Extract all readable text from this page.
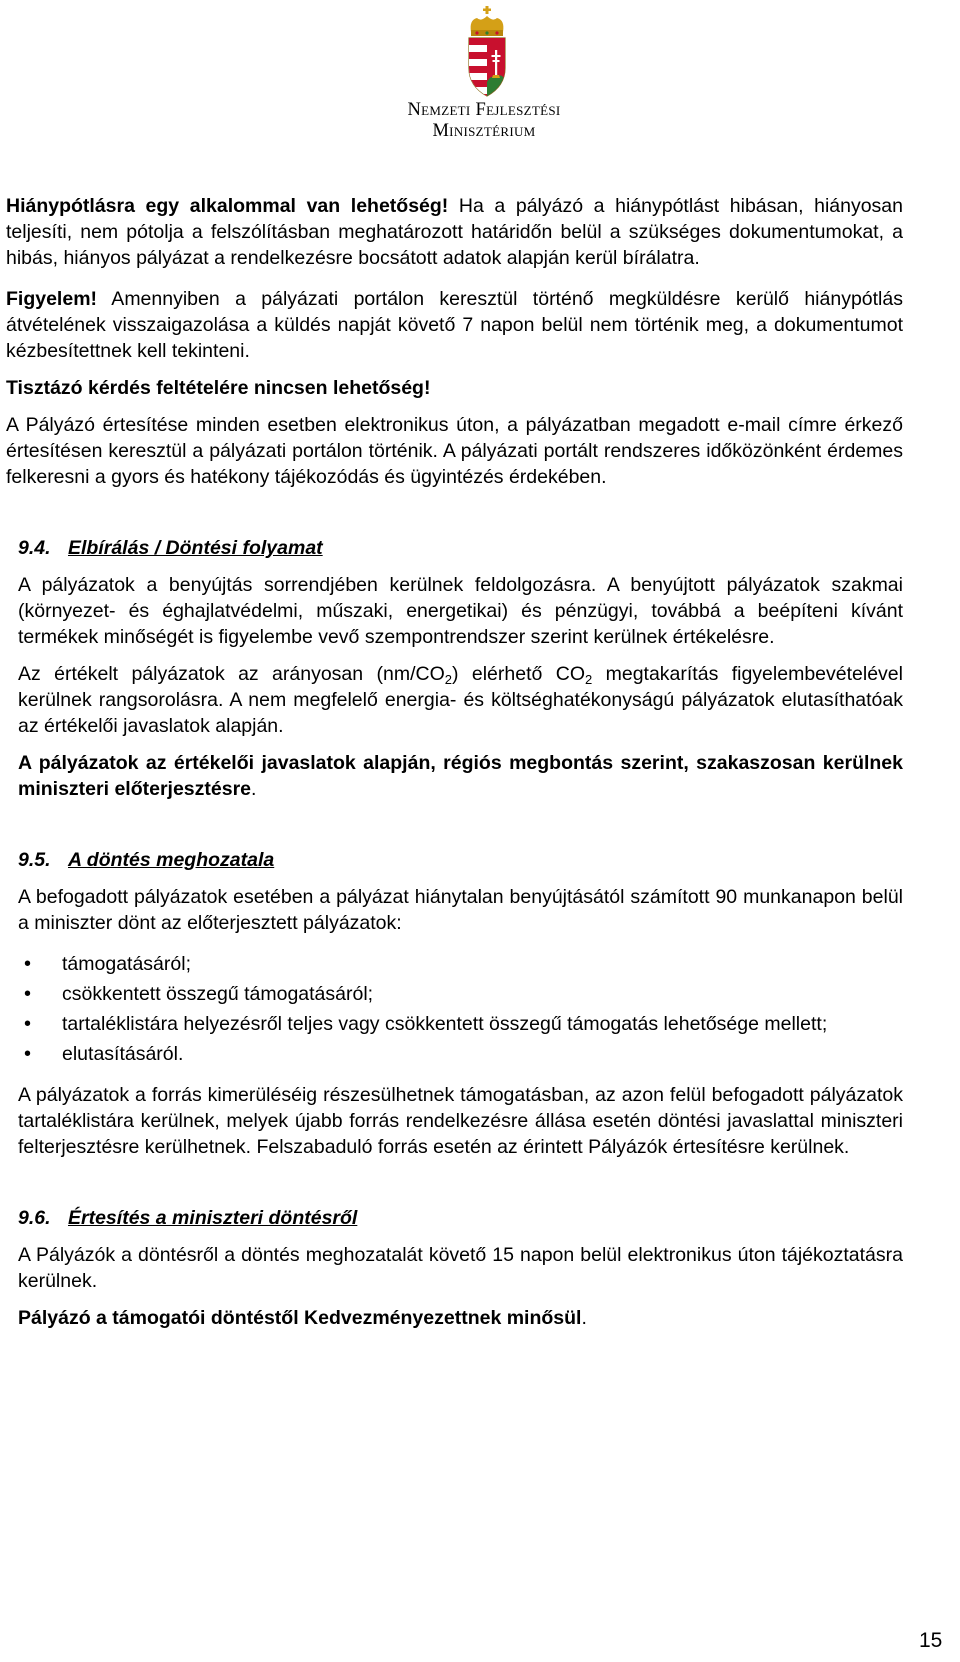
Nemzeti Fejlesztési
Minisztérium

Hiánypótlásra egy alkalommal van lehetőség! Ha a pályázó a hiánypótlást hibásan, hiányosan teljesíti, nem pótolja a felszólításban meghatározott határidőn belül a szükséges dokumentumokat, a hibás, hiányos pályázat a rendelkezésre bocsátott adatok alapján kerül bírálatra.

Figyelem! Amennyiben a pályázati portálon keresztül történő megküldésre kerülő hiánypótlás átvételének visszaigazolása a küldés napját követő 7 napon belül nem történik meg, a dokumentumot kézbesítettnek kell tekinteni.

Tisztázó kérdés feltételére nincsen lehetőség!

A Pályázó értesítése minden esetben elektronikus úton, a pályázatban megadott e-mail címre érkező értesítésen keresztül a pályázati portálon történik. A pályázati portált rendszeres időközönként érdemes felkeresni a gyors és hatékony tájékozódás és ügyintézés érdekében.

9.4. Elbírálás / Döntési folyamat

A pályázatok a benyújtás sorrendjében kerülnek feldolgozásra. A benyújtott pályázatok szakmai (környezet- és éghajlatvédelmi, műszaki, energetikai) és pénzügyi, továbbá a beépíteni kívánt termékek minőségét is figyelembe vevő szempontrendszer szerint kerülnek értékelésre.

Az értékelt pályázatok az arányosan $(nm/CO_2)$ elérhető $CO_2$ megtakarítás figyelembevételével kerülnek rangsorolásra. A nem megfelelő energia- és költséghatékonyságú pályázatok elutasíthatóak az értékelői javaslatok alapján.

A pályázatok az értékelői javaslatok alapján, régiós megbontás szerint, szakaszosan kerülnek miniszteri előterjesztésre.

9.5. A döntés meghozatala

A befogadott pályázatok esetében a pályázat hiánytalan benyújtásától számított 90 munkanapon belül a miniszter dönt az előterjesztett pályázatok:

• támogatásáról;
• csökkentett összegű támogatásáról;
• tartaléklistára helyezésről teljes vagy csökkentett összegű támogatás lehetősége mellett;
• elutasításáról.

A pályázatok a forrás kimerüléséig részesülhetnek támogatásban, az azon felül befogadott pályázatok tartaléklistára kerülnek, melyek újabb forrás rendelkezésre állása esetén döntési javaslattal miniszteri felterjesztésre kerülhetnek. Felszabaduló forrás esetén az érintett Pályázók értesítésre kerülnek.

9.6. Értesítés a miniszteri döntésről

A Pályázók a döntésről a döntés meghozatalát követő 15 napon belül elektronikus úton tájékoztatásra kerülnek.

Pályázó a támogatói döntéstől Kedvezményezettnek minősül.

15
